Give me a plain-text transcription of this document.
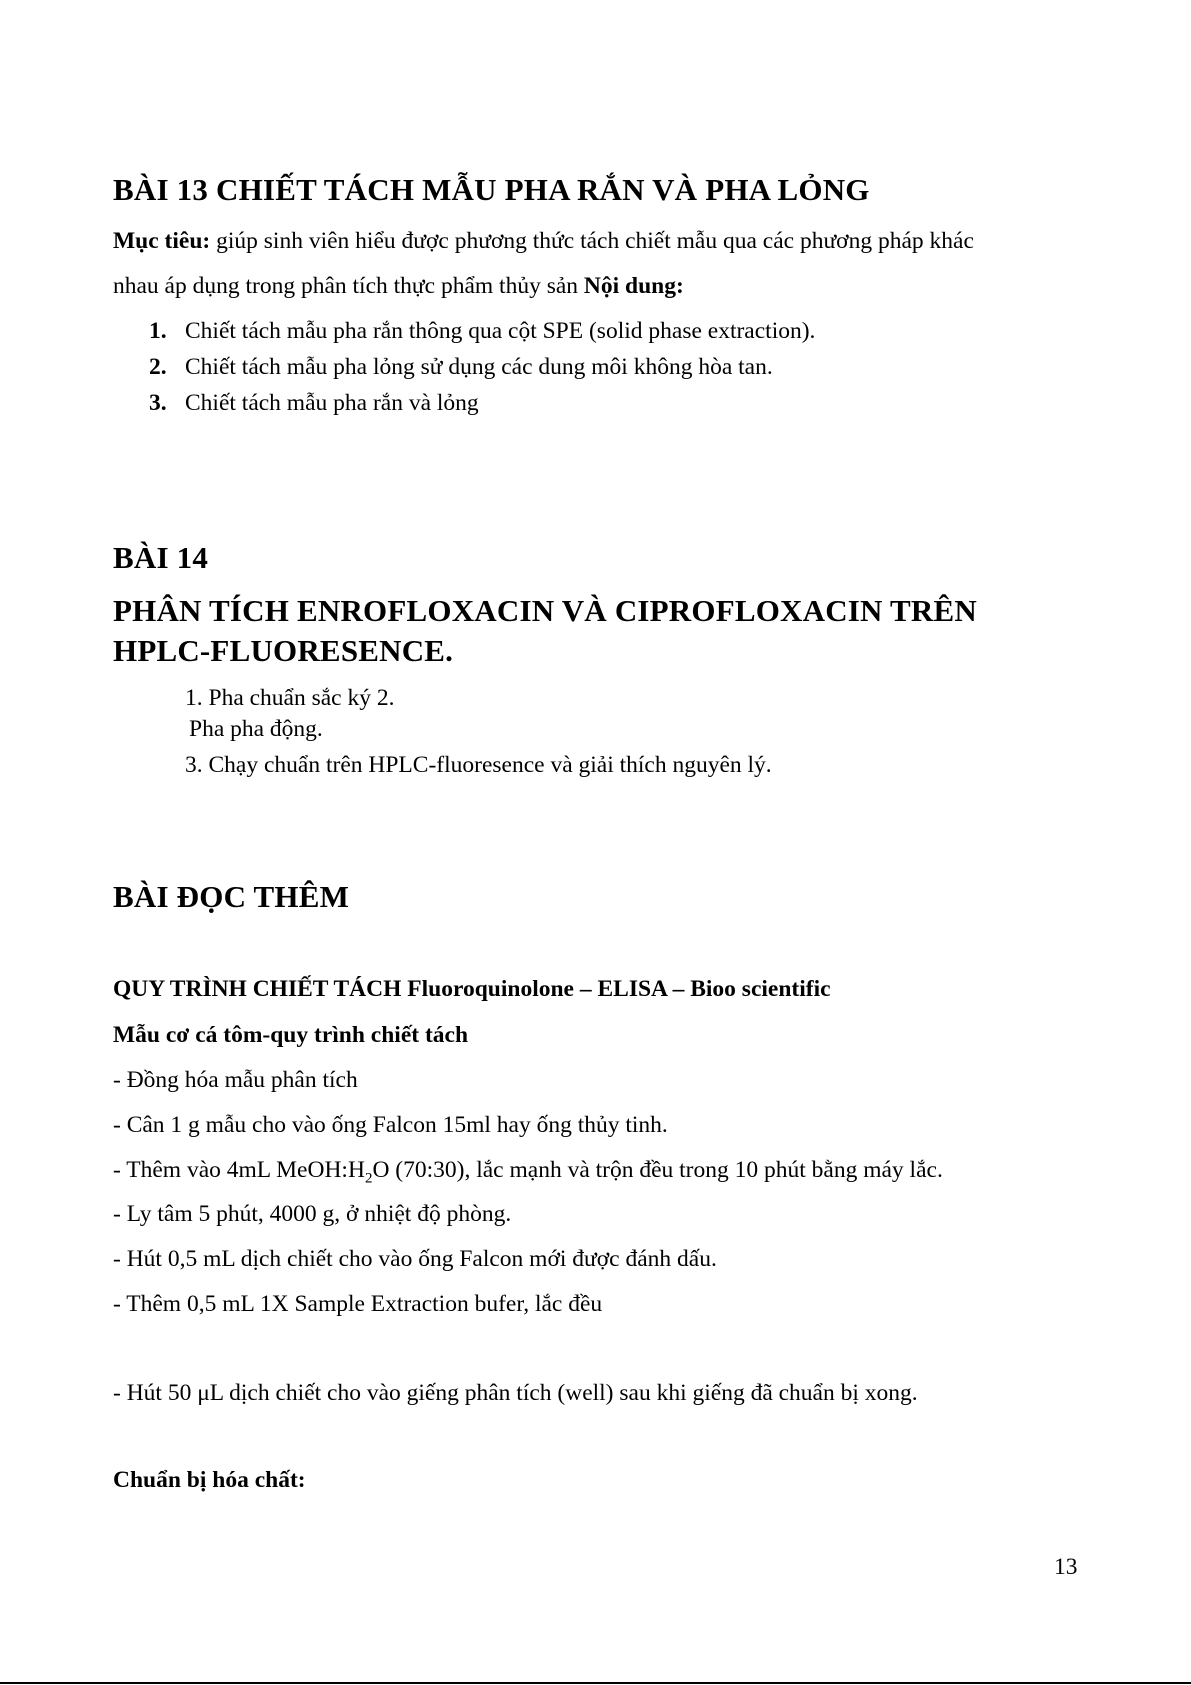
BÀI 13 CHIẾT TÁCH MẪU PHA RẮN VÀ PHA LỎNG
Mục tiêu: giúp sinh viên hiểu được phương thức tách chiết mẫu qua các phương pháp khác
nhau áp dụng trong phân tích thực phẩm thủy sản Nội dung:
1. Chiết tách mẫu pha rắn thông qua cột SPE (solid phase extraction).
2. Chiết tách mẫu pha lỏng sử dụng các dung môi không hòa tan.
3. Chiết tách mẫu pha rắn và lỏng
BÀI 14
PHÂN TÍCH ENROFLOXACIN VÀ CIPROFLOXACIN TRÊN
HPLC-FLUORESENCE.
1. Pha chuẩn sắc ký 2.
Pha pha động.
3. Chạy chuẩn trên HPLC-fluoresence và giải thích nguyên lý.
BÀI ĐỌC THÊM
QUY TRÌNH CHIẾT TÁCH Fluoroquinolone – ELISA – Bioo scientific
Mẫu cơ cá tôm-quy trình chiết tách
- Đồng hóa mẫu phân tích
- Cân 1 g mẫu cho vào ống Falcon 15ml hay ống thủy tinh.
- Thêm vào 4mL $MeOH:H_2O$ (70:30), lắc mạnh và trộn đều trong 10 phút bằng máy lắc.
- Ly tâm 5 phút, 4000 g, ở nhiệt độ phòng.
- Hút 0,5 mL dịch chiết cho vào ống Falcon mới được đánh dấu.
- Thêm 0,5 mL 1X Sample Extraction bufer, lắc đều
- Hút 50 μL dịch chiết cho vào giếng phân tích (well) sau khi giếng đã chuẩn bị xong.
Chuẩn bị hóa chất:
13
